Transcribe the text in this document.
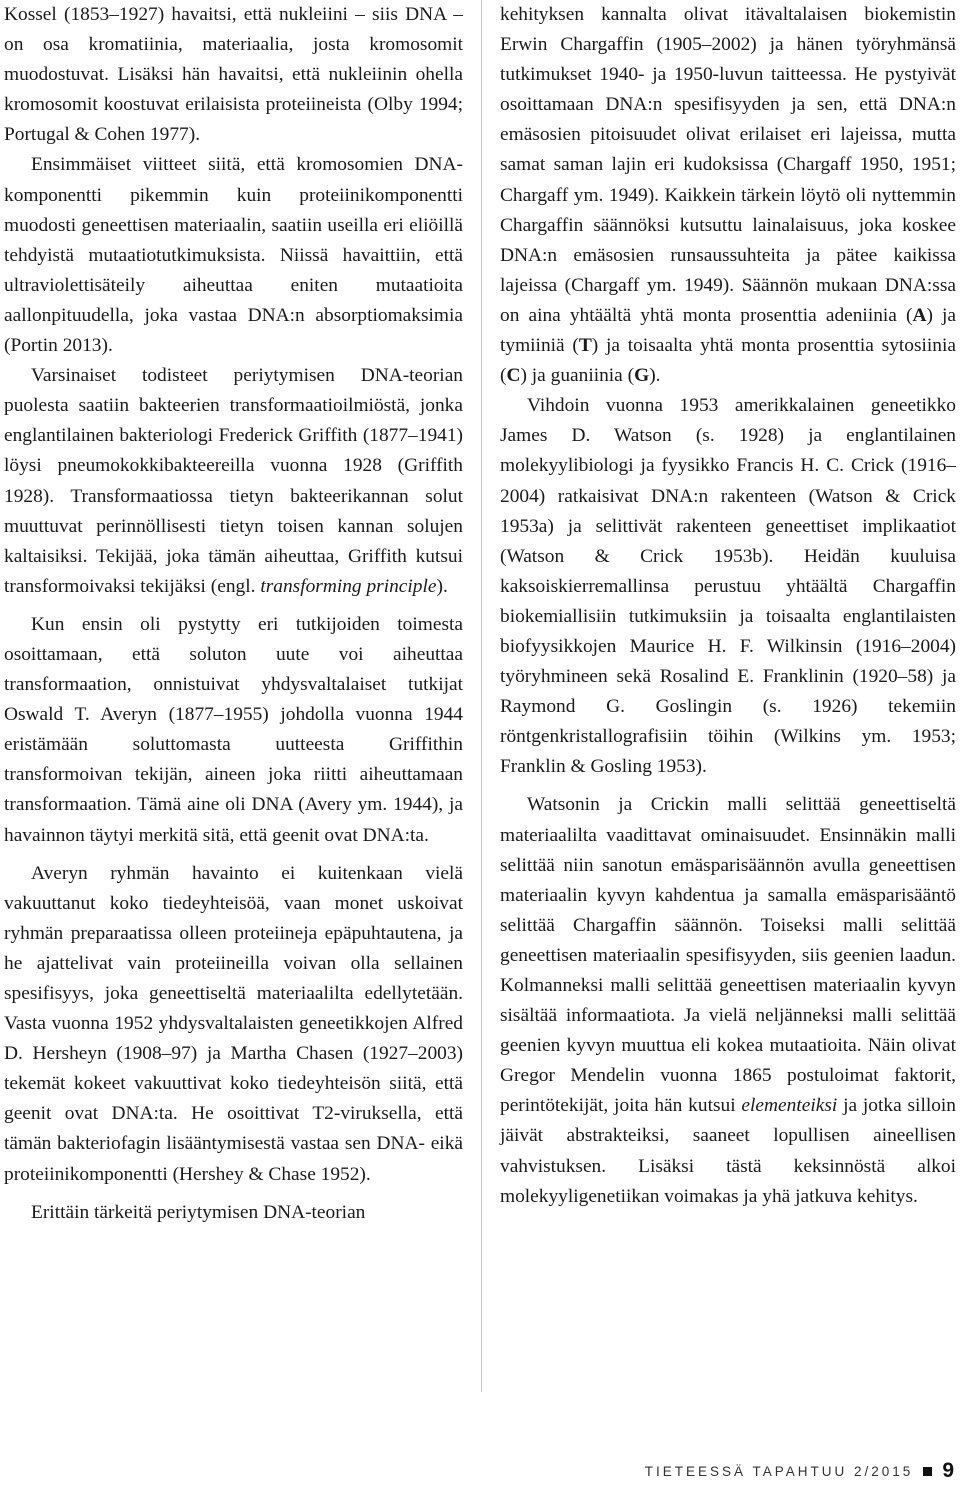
Kossel (1853–1927) havaitsi, että nukleiini – siis DNA – on osa kromatiinia, materiaalia, josta kromosomit muodostuvat. Lisäksi hän havaitsi, että nukleiinin ohella kromosomit koostuvat erilaisista proteiineista (Olby 1994; Portugal & Cohen 1977).

Ensimmäiset viitteet siitä, että kromosomien DNA-komponentti pikemmin kuin proteiinikomponentti muodosti geneettisen materiaalin, saatiin useilla eri eliöillä tehdyistä mutaatiotutkimuksista. Niissä havaittiin, että ultraviolettisäteily aiheuttaa eniten mutaatioita aallonpituudella, joka vastaa DNA:n absorptiomaksimia (Portin 2013).

Varsinaiset todisteet periytymisen DNA-teorian puolesta saatiin bakteerien transformaatioilmiöstä, jonka englantilainen bakteriologi Frederick Griffith (1877–1941) löysi pneumokokkibakteereilla vuonna 1928 (Griffith 1928). Transformaatiossa tietyn bakteerikannan solut muuttuvat perinnöllisesti tietyn toisen kannan solujen kaltaisiksi. Tekijää, joka tämän aiheuttaa, Griffith kutsui transformoivaksi tekijäksi (engl. transforming principle).

Kun ensin oli pystytty eri tutkijoiden toimesta osoittamaan, että soluton uute voi aiheuttaa transformaation, onnistuivat yhdysvaltalaiset tutkijat Oswald T. Averyn (1877–1955) johdolla vuonna 1944 eristämään soluttomasta uutteesta Griffithin transformoivan tekijän, aineen joka riitti aiheuttamaan transformaation. Tämä aine oli DNA (Avery ym. 1944), ja havainnon täytyi merkitä sitä, että geenit ovat DNA:ta.

Averyn ryhmän havainto ei kuitenkaan vielä vakuuttanut koko tiedeyhteisöä, vaan monet uskoivat ryhmän preparaatissa olleen proteiineja epäpuhtautena, ja he ajattelivat vain proteiineilla voivan olla sellainen spesifisyys, joka geneettiseltä materiaalilta edellytetään. Vasta vuonna 1952 yhdysvaltalaisten geneetikkojen Alfred D. Hersheyn (1908–97) ja Martha Chasen (1927–2003) tekemät kokeet vakuuttivat koko tiedeyhteisön siitä, että geenit ovat DNA:ta. He osoittivat T2-viruksella, että tämän bakteriofagin lisääntymisestä vastaa sen DNA- eikä proteiinikomponentti (Hershey & Chase 1952).

Erittäin tärkeitä periytymisen DNA-teorian

kehityksen kannalta olivat itävaltalaisen biokemistin Erwin Chargaffin (1905–2002) ja hänen työryhmänsä tutkimukset 1940- ja 1950-luvun taitteessa. He pystyivät osoittamaan DNA:n spesifisyyden ja sen, että DNA:n emäsosien pitoisuudet olivat erilaiset eri lajeissa, mutta samat saman lajin eri kudoksissa (Chargaff 1950, 1951; Chargaff ym. 1949). Kaikkein tärkein löytö oli nyttemmin Chargaffin säännöksi kutsuttu lainalaisuus, joka koskee DNA:n emäsosien runsaussuhteita ja pätee kaikissa lajeissa (Chargaff ym. 1949). Säännön mukaan DNA:ssa on aina yhtäältä yhtä monta prosenttia adeniinia (A) ja tymiiniä (T) ja toisaalta yhtä monta prosenttia sytosiinia (C) ja guaniinia (G).

Vihdoin vuonna 1953 amerikkalainen geneetikko James D. Watson (s. 1928) ja englantilainen molekyylibiologi ja fyysikko Francis H. C. Crick (1916–2004) ratkaisivat DNA:n rakenteen (Watson & Crick 1953a) ja selittivät rakenteen geneettiset implikaatiot (Watson & Crick 1953b). Heidän kuuluisa kaksoiskierremallinsa perustuu yhtäältä Chargaffin biokemiallisiin tutkimuksiin ja toisaalta englantilaisten biofyysikkojen Maurice H. F. Wilkinsin (1916–2004) työryhmineen sekä Rosalind E. Franklinin (1920–58) ja Raymond G. Goslingin (s. 1926) tekemiin röntgenkristallografisiin töihin (Wilkins ym. 1953; Franklin & Gosling 1953).

Watsonin ja Crickin malli selittää geneettiseltä materiaalilta vaadittavat ominaisuudet. Ensinnäkin malli selittää niin sanotun emäsparisäännön avulla geneettisen materiaalin kyvyn kahdentua ja samalla emäsparisääntö selittää Chargaffin säännön. Toiseksi malli selittää geneettisen materiaalin spesifisyyden, siis geenien laadun. Kolmanneksi malli selittää geneettisen materiaalin kyvyn sisältää informaatiota. Ja vielä neljänneksi malli selittää geenien kyvyn muuttua eli kokea mutaatioita. Näin olivat Gregor Mendelin vuonna 1865 postuloimat faktorit, perintötekijät, joita hän kutsui elementeiksi ja jotka silloin jäivät abstrakteiksi, saaneet lopullisen aineellisen vahvistuksen. Lisäksi tästä keksinnöstä alkoi molekyyligenetiikan voimakas ja yhä jatkuva kehitys.

TIETEESSÄ TAPAHTUU 2/2015 9
